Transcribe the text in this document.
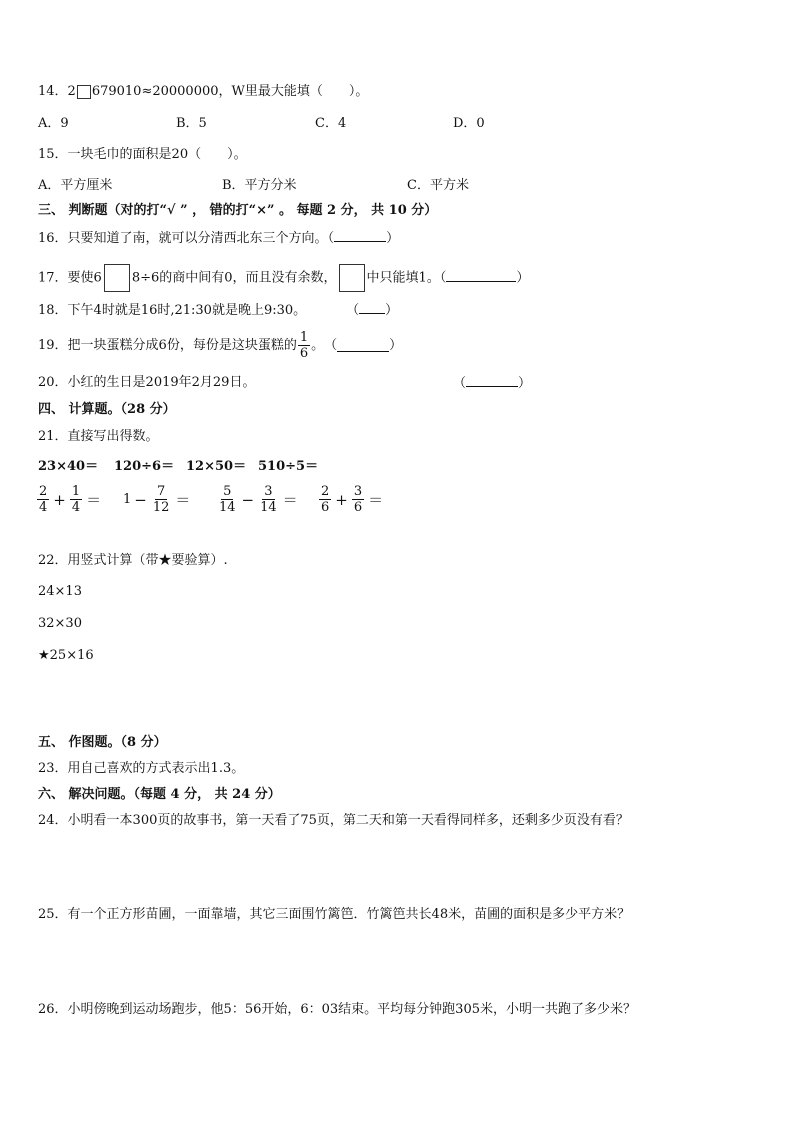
14．2 679010≈20000000，W里最大能填（　　）。
A．9	B．5	C．4	D．0
15．一块毛巾的面积是20（　　）。
A．平方厘米	B．平方分米	C．平方米
三、 判断题（对的打“√ ” ， 错的打“×” 。 每题 2 分， 共 10 分）
16．只要知道了南，就可以分清西北东三个方向。（	）
17．要使6 8÷6的商中间有0，而且没有余数， 中只能填1。（	）
18．下午4时就是16时,21:30就是晚上9:30。	（ ）
19． 把一块蛋糕分成6份，每份是这块蛋糕的 $\frac{1}{6}$ 。 （	）
20．小红的生日是2019年2月29日。	（	）
四、 计算题。（28 分）
21．直接写出得数。
23×40＝ 120÷6＝ 12×50＝ 510÷5＝
$\frac{2}{4} + \frac{1}{4} = 1 - \frac{7}{12} = \frac{5}{14} - \frac{3}{14} = \frac{2}{6} + \frac{3}{6}$ ＝
22．用竖式计算（带★要验算）.
24×13
32×30
★25×16
五、 作图题。（8 分）
23．用自己喜欢的方式表示出1.3。
六、 解决问题。（每题 4 分， 共 24 分）
24．小明看一本300页的故事书，第一天看了75页，第二天和第一天看得同样多，还剩多少页没有看？
25．有一个正方形苗圃，一面靠墙，其它三面围竹篱笆．竹篱笆共长48米，苗圃的面积是多少平方米？
26．小明傍晚到运动场跑步，他5：56开始，6：03结束。平均每分钟跑305米，小明一共跑了多少米？
